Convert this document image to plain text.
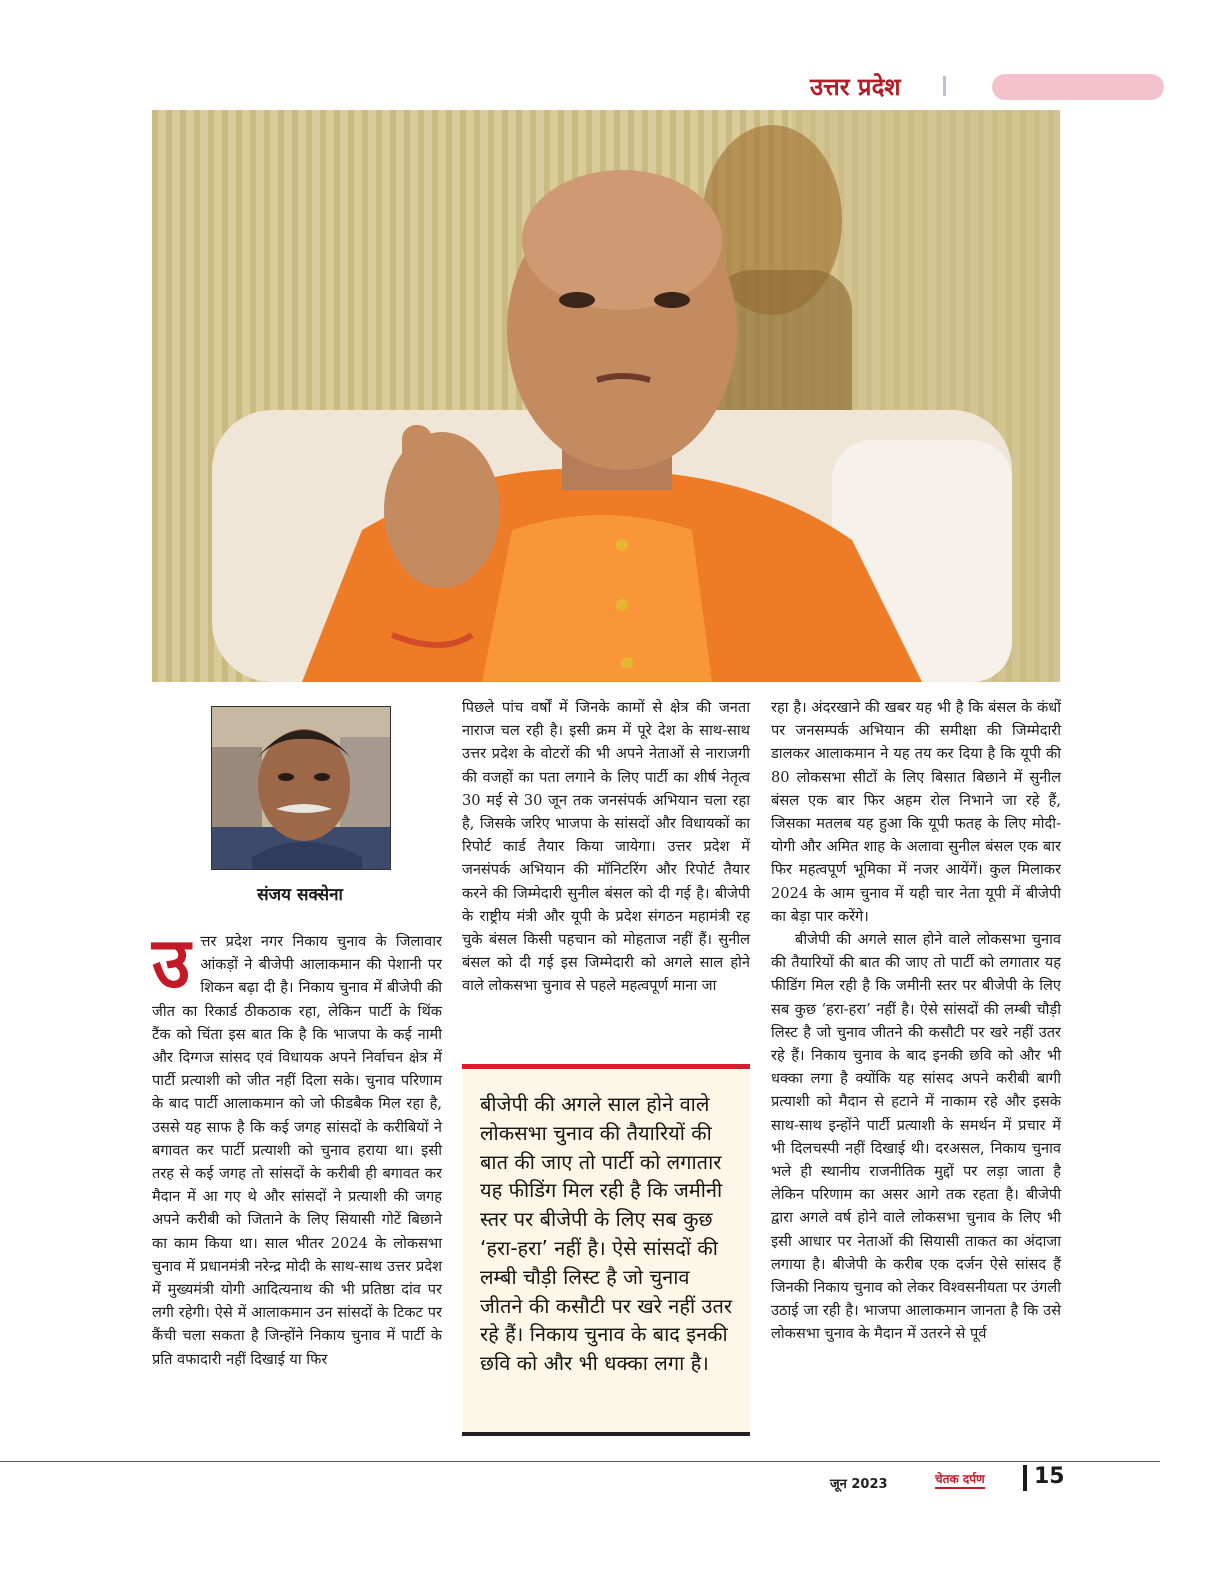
उत्तर प्रदेश
संजय सक्सेना

उ त्तर प्रदेश नगर निकाय चुनाव के जिलावार आंकड़ों ने बीजेपी आलाकमान की पेशानी पर शिकन बढ़ा दी है। निकाय चुनाव में बीजेपी की जीत का रिकार्ड ठीकठाक रहा, लेकिन पार्टी के थिंक टैंक को चिंता इस बात कि है कि भाजपा के कई नामी और दिग्गज सांसद एवं विधायक अपने निर्वाचन क्षेत्र में पार्टी प्रत्याशी को जीत नहीं दिला सके। चुनाव परिणाम के बाद पार्टी आलाकमान को जो फीडबैक मिल रहा है, उससे यह साफ है कि कई जगह सांसदों के करीबियों ने बगावत कर पार्टी प्रत्याशी को चुनाव हराया था। इसी तरह से कई जगह तो सांसदों के करीबी ही बगावत कर मैदान में आ गए थे और सांसदों ने प्रत्याशी की जगह अपने करीबी को जिताने के लिए सियासी गोटें बिछाने का काम किया था। साल भीतर 2024 के लोकसभा चुनाव में प्रधानमंत्री नरेन्द्र मोदी के साथ-साथ उत्तर प्रदेश में मुख्यमंत्री योगी आदित्यनाथ की भी प्रतिष्ठा दांव पर लगी रहेगी। ऐसे में आलाकमान उन सांसदों के टिकट पर कैंची चला सकता है जिन्होंने निकाय चुनाव में पार्टी के प्रति वफादारी नहीं दिखाई या फिर

पिछले पांच वर्षों में जिनके कामों से क्षेत्र की जनता नाराज चल रही है। इसी क्रम में पूरे देश के साथ-साथ उत्तर प्रदेश के वोटरों की भी अपने नेताओं से नाराजगी की वजहों का पता लगाने के लिए पार्टी का शीर्ष नेतृत्व 30 मई से 30 जून तक जनसंपर्क अभियान चला रहा है, जिसके जरिए भाजपा के सांसदों और विधायकों का रिपोर्ट कार्ड तैयार किया जायेगा। उत्तर प्रदेश में जनसंपर्क अभियान की मॉनिटरिंग और रिपोर्ट तैयार करने की जिम्मेदारी सुनील बंसल को दी गई है। बीजेपी के राष्ट्रीय मंत्री और यूपी के प्रदेश संगठन महामंत्री रह चुके बंसल किसी पहचान को मोहताज नहीं हैं। सुनील बंसल को दी गई इस जिम्मेदारी को अगले साल होने वाले लोकसभा चुनाव से पहले महत्वपूर्ण माना जा

बीजेपी की अगले साल होने वाले लोकसभा चुनाव की तैयारियों की बात की जाए तो पार्टी को लगातार यह फीडिंग मिल रही है कि जमीनी स्तर पर बीजेपी के लिए सब कुछ ‘हरा-हरा’ नहीं है। ऐसे सांसदों की लम्बी चौड़ी लिस्ट है जो चुनाव जीतने की कसौटी पर खरे नहीं उतर रहे हैं। निकाय चुनाव के बाद इनकी छवि को और भी धक्का लगा है।

रहा है। अंदरखाने की खबर यह भी है कि बंसल के कंधों पर जनसम्पर्क अभियान की समीक्षा की जिम्मेदारी डालकर आलाकमान ने यह तय कर दिया है कि यूपी की 80 लोकसभा सीटों के लिए बिसात बिछाने में सुनील बंसल एक बार फिर अहम रोल निभाने जा रहे हैं, जिसका मतलब यह हुआ कि यूपी फतह के लिए मोदी-योगी और अमित शाह के अलावा सुनील बंसल एक बार फिर महत्वपूर्ण भूमिका में नजर आयेंगें। कुल मिलाकर 2024 के आम चुनाव में यही चार नेता यूपी में बीजेपी का बेड़ा पार करेंगे।

बीजेपी की अगले साल होने वाले लोकसभा चुनाव की तैयारियों की बात की जाए तो पार्टी को लगातार यह फीडिंग मिल रही है कि जमीनी स्तर पर बीजेपी के लिए सब कुछ ‘हरा-हरा’ नहीं है। ऐसे सांसदों की लम्बी चौड़ी लिस्ट है जो चुनाव जीतने की कसौटी पर खरे नहीं उतर रहे हैं। निकाय चुनाव के बाद इनकी छवि को और भी धक्का लगा है क्योंकि यह सांसद अपने करीबी बागी प्रत्याशी को मैदान से हटाने में नाकाम रहे और इसके साथ-साथ इन्होंने पार्टी प्रत्याशी के समर्थन में प्रचार में भी दिलचस्पी नहीं दिखाई थी। दरअसल, निकाय चुनाव भले ही स्थानीय राजनीतिक मुद्दों पर लड़ा जाता है लेकिन परिणाम का असर आगे तक रहता है। बीजेपी द्वारा अगले वर्ष होने वाले लोकसभा चुनाव के लिए भी इसी आधार पर नेताओं की सियासी ताकत का अंदाजा लगाया है। बीजेपी के करीब एक दर्जन ऐसे सांसद हैं जिनकी निकाय चुनाव को लेकर विश्वसनीयता पर उंगली उठाई जा रही है। भाजपा आलाकमान जानता है कि उसे लोकसभा चुनाव के मैदान में उतरने से पूर्व

जून 2023	चेतक दर्पण 15
